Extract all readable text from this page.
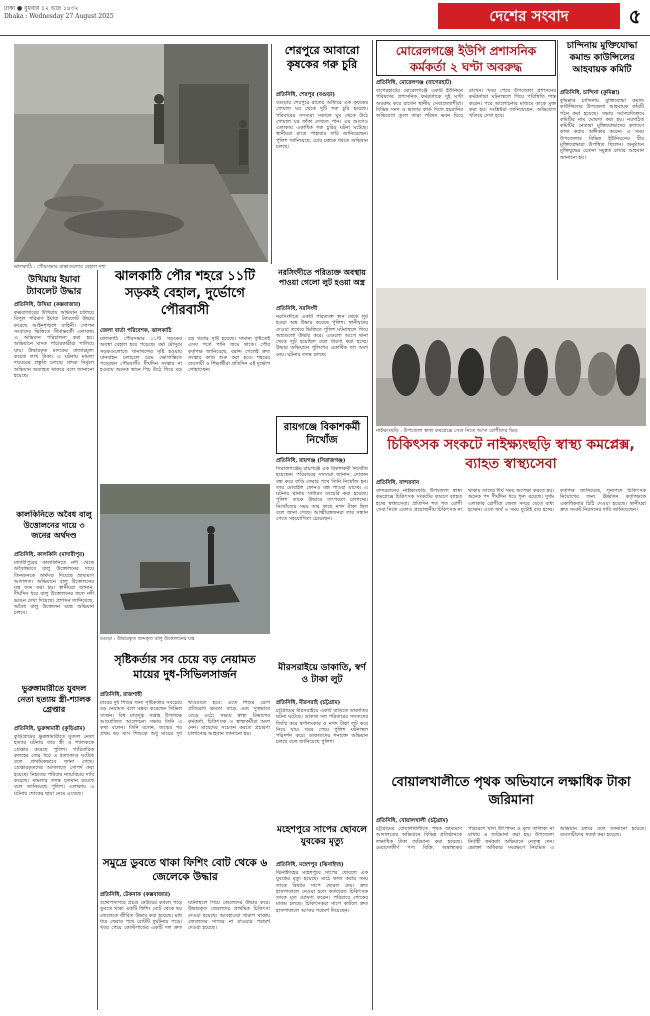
ঢাকা ● বুধবার ১২ ভাদ্র ১৪৩২
Dhaka : Wednesday 27 August 2025	দেশের সংবাদ	৫
ঝালকাঠি : পৌরসভার রাস্তাগুলোর বেহাল দশা
শেরপুরে আবারো কৃষকের গরু চুরি
প্রতিনিধি, শেরপুর (বগুড়া)
বগুড়ার শেরপুরে রাতের আঁধারে এক কৃষকের গোয়াল ঘর থেকে দুটি গরু চুরি হয়েছে। পরিবারের সদস্যরা সকালে ঘুম থেকে উঠে গোয়াল ঘর ফাঁকা দেখতে পান। এর আগেও এলাকায় একাধিক গরু চুরির ঘটনা ঘটেছে। স্থানীয়রা রাতে পাহারার দাবি জানিয়েছেন। পুলিশ জানিয়েছে, চোর চক্রকে ধরতে অভিযান চলছে।
মোরেলগঞ্জে ইউপি প্রশাসনিক কর্মকর্তা ২ ঘণ্টা অবরুদ্ধ
প্রতিনিধি, মোরেলগঞ্জ (বাগেরহাট)
বাগেরহাটের মোরেলগঞ্জে একটি ইউনিয়ন পরিষদের প্রশাসনিক কর্মকর্তাকে দুই ঘণ্টা অবরুদ্ধ করে রাখেন স্থানীয় সেবাপ্রত্যাশীরা। বিভিন্ন সনদ ও ভাতার কার্ড দিতে হয়রানির অভিযোগ তুলে তারা পরিষদ ভবন ঘিরে রাখেন। খবর পেয়ে উপজেলা প্রশাসনের কর্মকর্তারা ঘটনাস্থলে গিয়ে পরিস্থিতি শান্ত করেন। পরে আলোচনার মাধ্যমে তাকে মুক্ত করা হয়। সংশ্লিষ্টরা জানিয়েছেন, অভিযোগ খতিয়ে দেখা হবে।
চান্দিনায় মুক্তিযোদ্ধা কমান্ড কাউন্সিলের আহবায়ক কমিটি
প্রতিনিধি, চান্দিনা (কুমিল্লা)
কুমিল্লার চান্দিনায় মুক্তিযোদ্ধা কমান্ড কাউন্সিলের উপজেলা আহবায়ক কমিটি গঠন করা হয়েছে। সভায় সর্বসম্মতিক্রমে কমিটির নাম ঘোষণা করা হয়। নবগঠিত কমিটির নেতারা মুক্তিযোদ্ধাদের কল্যাণে কাজ করার অঙ্গীকার করেন। এ সময় উপজেলার বিভিন্ন ইউনিয়নের বীর মুক্তিযোদ্ধারা উপস্থিত ছিলেন। অনুষ্ঠানে মুক্তিযুদ্ধের চেতনা সমুন্নত রাখার আহবান জানানো হয়।
ঝালকাঠি পৌর শহরে ১১টি সড়কই বেহাল, দুর্ভোগে পৌরবাসী
জেলা বার্তা পরিবেশক, ঝালকাঠি
ঝালকাঠি পৌরসভার ১১টি সড়কের অবস্থা বেহাল হয়ে পড়েছে। বর্ষা মৌসুমে সড়কগুলোতে খানাখন্দের সৃষ্টি হওয়ায় যানবাহন চলাচলে চরম ভোগান্তিতে পড়েছেন পৌরবাসী। দীর্ঘদিন সংস্কার না হওয়ায় অনেক স্থানে পিচ উঠে গিয়ে বড় বড় গর্তের সৃষ্টি হয়েছে। সামান্য বৃষ্টিতেই এসব গর্তে পানি জমে থাকে। পৌর কর্তৃপক্ষ জানিয়েছে, বরাদ্দ পেলেই দ্রুত সংস্কার কাজ শুরু করা হবে। শহরের ব্যবসায়ী ও শিক্ষার্থীরা প্রতিদিন এই দুর্ভোগ পোহাচ্ছেন।
উখিয়ায় ইয়াবা ট্যাবলেট উদ্ধার
প্রতিনিধি, উখিয়া (কক্সবাজার)
কক্সবাজারের উখিয়ায় অভিযান চালিয়ে বিপুল পরিমাণ ইয়াবা ট্যাবলেট উদ্ধার করেছে আইনশৃঙ্খলা বাহিনী। গোপন সংবাদের ভিত্তিতে সীমান্তবর্তী এলাকায় এ অভিযান পরিচালনা করা হয়। অভিযানে মাদক পাচারকারীরা পালিয়ে যায়। উদ্ধারকৃত মাদকের বাজারমূল্য কয়েক লাখ টাকা। এ ঘটনায় মামলা দায়েরের প্রস্তুতি চলছে। মাদক নির্মূলে অভিযান অব্যাহত থাকবে বলে জানানো হয়েছে।
নরসিংদীতে পরিত্যক্ত অবস্থায় পাওয়া গেলো লুট হওয়া অস্ত্র
প্রতিনিধি, নরসিংদী
নরসিংদীতে একটি পরিত্যক্ত স্থান থেকে লুট হওয়া অস্ত্র উদ্ধার করেছে পুলিশ। স্থানীয়দের দেওয়া তথ্যের ভিত্তিতে পুলিশ ঘটনাস্থলে গিয়ে অস্ত্রগুলো উদ্ধার করে। এগুলো আগে থানা থেকে লুট হয়েছিল বলে ধারণা করা হচ্ছে। উদ্ধার অভিযানে পুলিশের একাধিক দল অংশ নেয়। ঘটনার তদন্ত চলছে।
নাইক্ষ্যংছড়ি : উপজেলা স্বাস্থ্য কমপ্লেক্সে সেবা নিতে আসা রোগীদের ভিড়
বগুড়া : উদ্ধারকৃত জব্দকৃত বালু উত্তোলনের যন্ত্র
কালকিনিতে অবৈধ বালু উত্তোলনের দায়ে ৩ জনের অর্থদণ্ড
প্রতিনিধি, কালকিনি (মাদারীপুর)
মাদারীপুরের কালকিনিতে নদী থেকে অবৈধভাবে বালু উত্তোলনের দায়ে তিনজনকে অর্থদণ্ড দিয়েছে ভ্রাম্যমাণ আদালত। অভিযানে বালু উত্তোলনের যন্ত্র জব্দ করা হয়। স্থানীয়রা জানান, দীর্ঘদিন ধরে বালু উত্তোলনের ফলে নদী ভাঙন দেখা দিয়েছে। প্রশাসন জানিয়েছে, অবৈধ বালু উত্তোলন বন্ধে অভিযান চলবে।
রায়গঞ্জে বিকাশকর্মী নিখোঁজ
প্রতিনিধি, রায়গঞ্জ (সিরাজগঞ্জ)
সিরাজগঞ্জের রায়গঞ্জে এক বিকাশকর্মী নিখোঁজ হয়েছেন। পরিবারের সদস্যরা জানান, দোকান বন্ধ করে বাড়ি ফেরার পথে তিনি নিখোঁজ হন। তার মোবাইল ফোনও বন্ধ পাওয়া যাচ্ছে। এ ঘটনায় থানায় সাধারণ ডায়েরি করা হয়েছে। পুলিশ তাকে উদ্ধারে তৎপরতা চালাচ্ছে। নিখোঁজের সময় তার কাছে নগদ টাকা ছিল বলে জানা গেছে। আত্মীয়স্বজনরা তার সন্ধান পেতে সহযোগিতা চেয়েছেন।
চিকিৎসক সংকটে নাইক্ষ্যংছড়ি স্বাস্থ্য কমপ্লেক্স, ব্যাহত স্বাস্থ্যসেবা
প্রতিনিধি, বান্দরবান
বান্দরবানের নাইক্ষ্যংছড়ি উপজেলা স্বাস্থ্য কমপ্লেক্সে চিকিৎসক সংকটের কারণে ব্যাহত হচ্ছে স্বাস্থ্যসেবা। প্রতিদিন শত শত রোগী সেবা নিতে এলেও প্রয়োজনীয় চিকিৎসক না থাকায় তাদের দীর্ঘ সময় অপেক্ষা করতে হয়। অনেক পদ দীর্ঘদিন ধরে শূন্য রয়েছে। দুর্গম এলাকার রোগীরা জেলা সদরে যেতে বাধ্য হচ্ছেন। এতে অর্থ ও সময় দুটোই ব্যয় হচ্ছে। কর্তৃপক্ষ জানিয়েছে, শূন্যপদে চিকিৎসক নিয়োগের জন্য ঊর্ধ্বতন কর্তৃপক্ষকে একাধিকবার চিঠি দেওয়া হয়েছে। স্থানীয়রা দ্রুত সংকট নিরসনের দাবি জানিয়েছেন।
ভুরুঙ্গামারীতে যুবদল নেতা হত্যায় স্ত্রী-শ্যালক গ্রেপ্তার
প্রতিনিধি, ভুরুঙ্গামারী (কুড়িগ্রাম)
কুড়িগ্রামের ভুরুঙ্গামারীতে যুবদল নেতা হত্যার ঘটনায় তার স্ত্রী ও শ্যালককে গ্রেপ্তার করেছে পুলিশ। পারিবারিক কলহের জের ধরে এ হত্যাকাণ্ড ঘটেছে বলে প্রাথমিকভাবে জানা গেছে। গ্রেপ্তারকৃতদের আদালতে সোপর্দ করা হয়েছে। নিহতের পরিবার ন্যায়বিচার দাবি করেছে। মামলার তদন্ত চলমান রয়েছে বলে জানিয়েছে পুলিশ। এলাকায় এ ঘটনায় শোকের ছায়া নেমে এসেছে।
সৃষ্টিকর্তার সব চেয়ে বড় নেয়ামত মায়ের দুধ-সিভিলসার্জন
প্রতিনিধি, রাজশাহী
মায়ের দুধ শিশুর জন্য সৃষ্টিকর্তার সবচেয়ে বড় নেয়ামত বলে মন্তব্য করেছেন সিভিল সার্জন। বিশ্ব মাতৃদুগ্ধ সপ্তাহ উপলক্ষে আয়োজিত আলোচনা সভায় তিনি এ কথা বলেন। তিনি বলেন, জন্মের পর প্রথম ছয় মাস শিশুকে শুধু মায়ের দুধ খাওয়াতে হবে। এতে শিশুর রোগ প্রতিরোধ ক্ষমতা বাড়ে এবং সুস্থভাবে বেড়ে ওঠে। সভায় স্বাস্থ্য বিভাগের কর্মকর্তা, চিকিৎসক ও স্বাস্থ্যকর্মীরা অংশ নেন। মায়েদের সচেতন করতে প্রচারণা চালানোর আহবান জানানো হয়।
মীরসরাইয়ে ডাকাতি, স্বর্ণ ও টাকা লুট
প্রতিনিধি, মীরসরাই (চট্টগ্রাম)
চট্টগ্রামের মীরসরাইয়ে একটি বাড়িতে ডাকাতির ঘটনা ঘটেছে। ডাকাত দল পরিবারের সদস্যদের জিম্মি করে স্বর্ণালংকার ও নগদ টাকা লুট করে নিয়ে যায়। খবর পেয়ে পুলিশ ঘটনাস্থল পরিদর্শন করে। ডাকাতদের শনাক্তে অভিযান চলছে বলে জানিয়েছে পুলিশ।
মহেশপুরে সাপের ছোবলে যুবকের মৃত্যু
প্রতিনিধি, মহেশপুর (ঝিনাইদহ)
ঝিনাইদহের মহেশপুরে সাপের ছোবলে এক যুবকের মৃত্যু হয়েছে। মাঠে কাজ করার সময় তাকে বিষধর সাপে ছোবল দেয়। দ্রুত হাসপাতালে নেওয়া হলে কর্তব্যরত চিকিৎসক তাকে মৃত ঘোষণা করেন। পরিবারে শোকের মাতম চলছে। চিকিৎসকরা সাপে কাটলে দ্রুত হাসপাতালে আসার পরামর্শ দিয়েছেন।
সমুদ্রে ডুবতে থাকা ফিশিং বোট থেকে ৬ জেলেকে উদ্ধার
প্রতিনিধি, টেকনাফ (কক্সবাজার)
বঙ্গোপসাগরে প্রচণ্ড ঢেউয়ের কবলে পড়ে ডুবতে থাকা একটি ফিশিং বোট থেকে ছয় জেলেকে জীবিত উদ্ধার করা হয়েছে। মাছ ধরে ফেরার পথে বোটটি দুর্ঘটনায় পড়ে। খবর পেয়ে কোস্টগার্ডের একটি দল দ্রুত ঘটনাস্থলে গিয়ে জেলেদের উদ্ধার করে। উদ্ধারকৃত জেলেদের প্রাথমিক চিকিৎসা দেওয়া হয়েছে। আবহাওয়া খারাপ থাকায় জেলেদের সাগরে না যাওয়ার পরামর্শ দেওয়া হয়েছে।
বোয়ালখালীতে পৃথক অভিযানে লক্ষাধিক টাকা জরিমানা
প্রতিনিধি, বোয়ালখালী (চট্টগ্রাম)
চট্টগ্রামের বোয়ালখালীতে পৃথক ভ্রাম্যমাণ আদালতের অভিযানে বিভিন্ন প্রতিষ্ঠানকে লক্ষাধিক টাকা জরিমানা করা হয়েছে। মেয়াদোত্তীর্ণ পণ্য বিক্রি, অস্বাস্থ্যকর পরিবেশে খাদ্য উৎপাদন ও মূল্য তালিকা না রাখায় এ জরিমানা করা হয়। উপজেলা নির্বাহী কর্মকর্তা অভিযানে নেতৃত্ব দেন। ভোক্তা অধিকার সংরক্ষণে নিয়মিত এ অভিযান চলবে বলে জানানো হয়েছে। ব্যবসায়ীদের সতর্ক করা হয়েছে।
